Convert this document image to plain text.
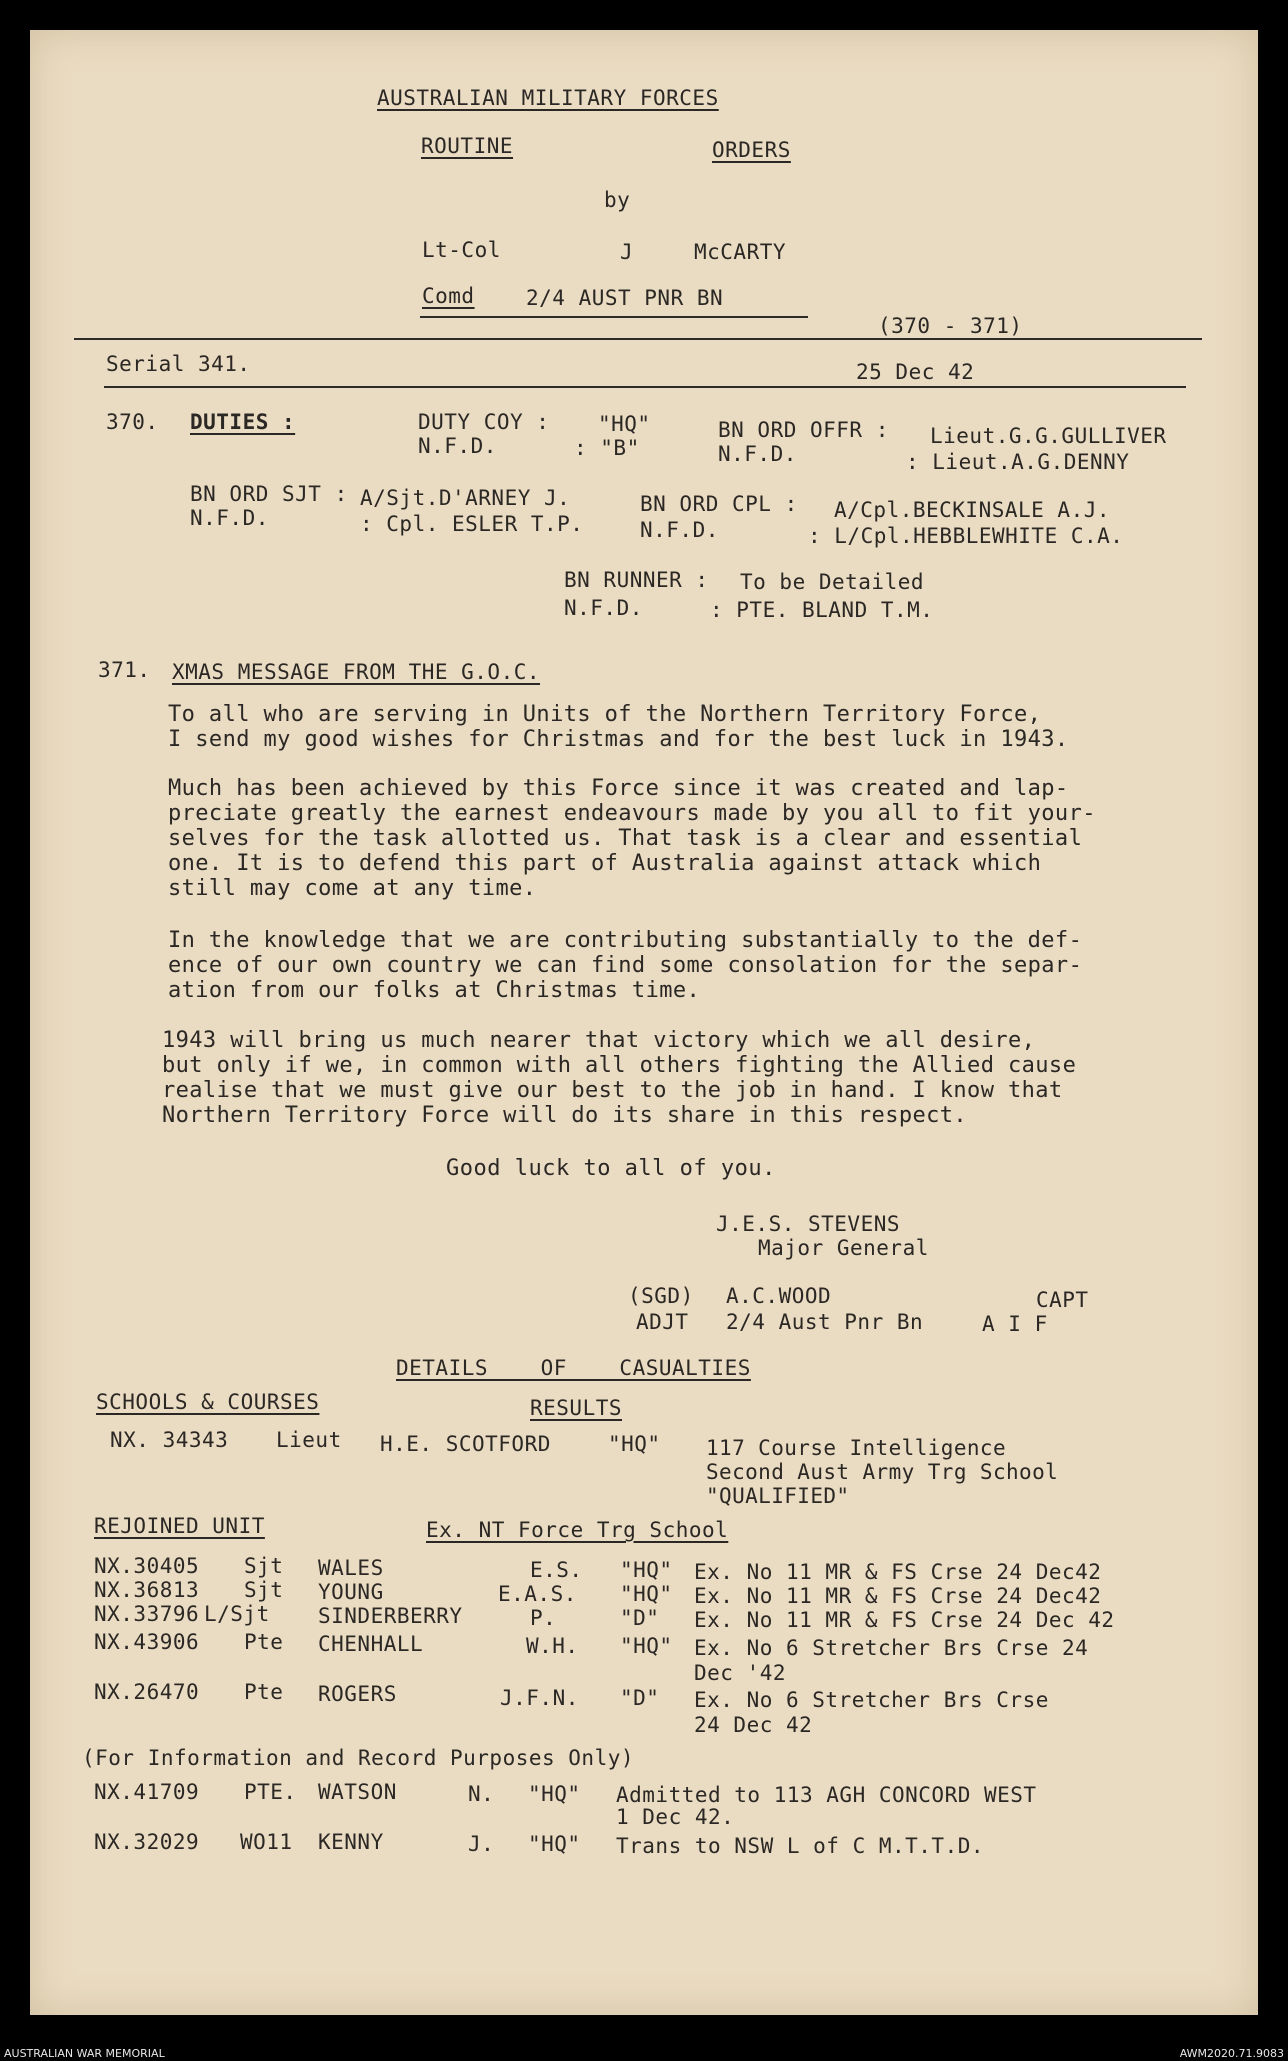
AUSTRALIAN MILITARY FORCES
ROUTINE	ORDERS
by
Lt-Col	J	McCARTY
Comd 2/4 AUST PNR BN
(370 - 371)
Serial 341.	25 Dec 42
370. DUTIES :	DUTY COY : "HQ"
N.F.D.	: "B"
BN ORD OFFR : Lieut.G.G.GULLIVER
N.F.D.	: Lieut.A.G.DENNY
BN ORD SJT : A/Sjt.D'ARNEY J.
N.F.D.	: Cpl. ESLER T.P.
BN ORD CPL : A/Cpl.BECKINSALE A.J.
N.F.D.	: L/Cpl.HEBBLEWHITE C.A.
BN RUNNER : To be Detailed
N.F.D.	: PTE. BLAND T.M.
371. XMAS MESSAGE FROM THE G.O.C.
To all who are serving in Units of the Northern Territory Force,
I send my good wishes for Christmas and for the best luck in 1943.
Much has been achieved by this Force since it was created and lap-
preciate greatly the earnest endeavours made by you all to fit your-
selves for the task allotted us. That task is a clear and essential
one. It is to defend this part of Australia against attack which
still may come at any time.
In the knowledge that we are contributing substantially to the def-
ence of our own country we can find some consolation for the separ-
ation from our folks at Christmas time.
1943 will bring us much nearer that victory which we all desire,
but only if we, in common with all others fighting the Allied cause
realise that we must give our best to the job in hand. I know that
Northern Territory Force will do its share in this respect.
Good luck to all of you.
J.E.S. STEVENS
Major General
(SGD) A.C.WOOD	CAPT
ADJT 2/4 Aust Pnr Bn	A I F
DETAILS    OF    CASUALTIES
SCHOOLS & COURSES	RESULTS
NX. 34343 Lieut H.E. SCOTFORD	"HQ" 117 Course Intelligence
Second Aust Army Trg School
"QUALIFIED"
REJOINED UNIT	Ex. NT Force Trg School
NX.30405 Sjt WALES	E.S. "HQ" Ex. No 11 MR & FS Crse 24 Dec42
NX.36813 Sjt YOUNG	E.A.S. "HQ" Ex. No 11 MR & FS Crse 24 Dec42
NX.33796 L/Sjt SINDERBERRY	P.	"D" Ex. No 11 MR & FS Crse 24 Dec 42
NX.43906 Pte CHENHALL	W.H. "HQ" Ex. No 6 Stretcher Brs Crse 24
Dec '42
NX.26470 Pte ROGERS	J.F.N. "D" Ex. No 6 Stretcher Brs Crse
24 Dec 42
(For Information and Record Purposes Only)
NX.41709 PTE. WATSON	N. "HQ" Admitted to 113 AGH CONCORD WEST
1 Dec 42.
NX.32029 WO11 KENNY	J. "HQ" Trans to NSW L of C M.T.T.D.
AUSTRALIAN WAR MEMORIAL	AWM2020.71.9083
